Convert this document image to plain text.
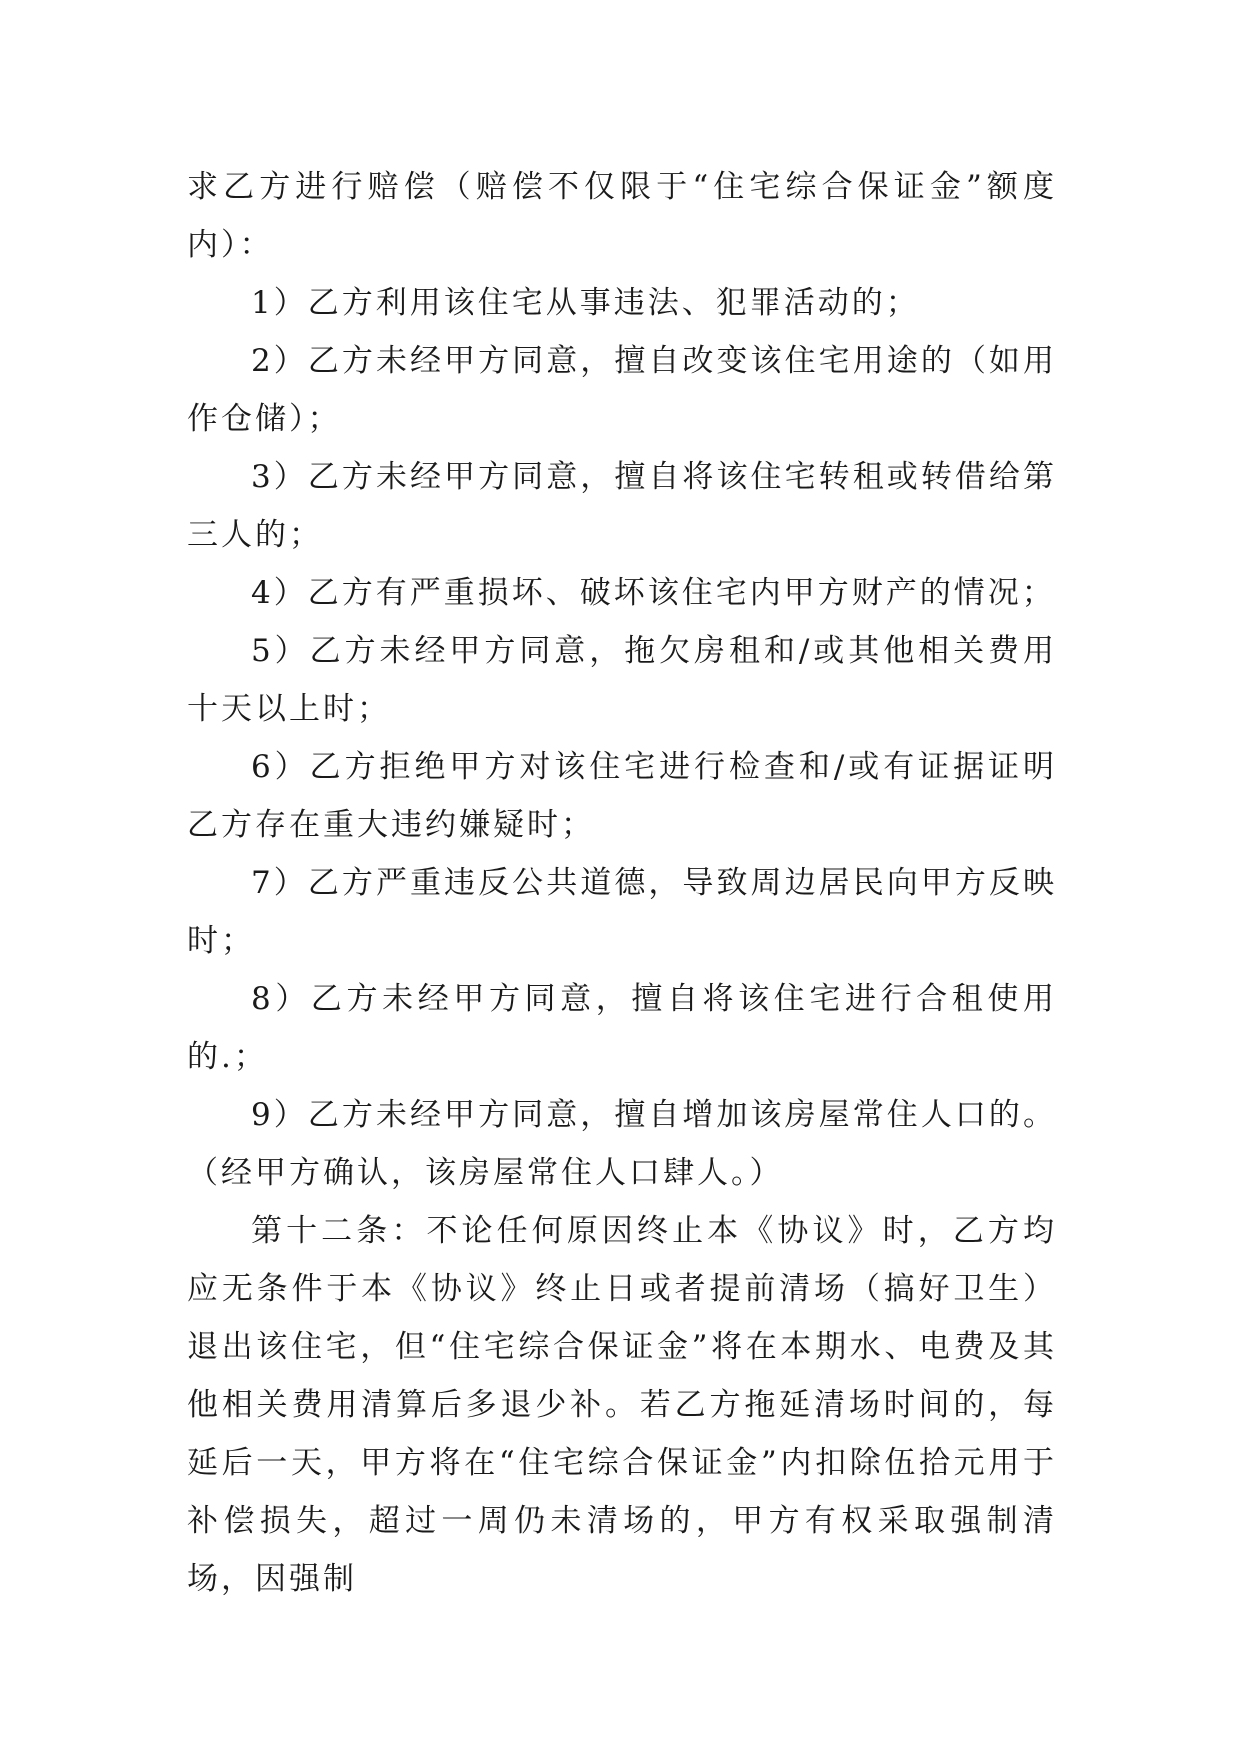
求乙方进行赔偿（赔偿不仅限于“住宅综合保证金”额度内）：

1）乙方利用该住宅从事违法、犯罪活动的；

2）乙方未经甲方同意，擅自改变该住宅用途的（如用作仓储）；

3）乙方未经甲方同意，擅自将该住宅转租或转借给第三人的；

4）乙方有严重损坏、破坏该住宅内甲方财产的情况；

5）乙方未经甲方同意，拖欠房租和/或其他相关费用十天以上时；

6）乙方拒绝甲方对该住宅进行检查和/或有证据证明乙方存在重大违约嫌疑时；

7）乙方严重违反公共道德，导致周边居民向甲方反映时；

8）乙方未经甲方同意，擅自将该住宅进行合租使用的.；

9）乙方未经甲方同意，擅自增加该房屋常住人口的。（经甲方确认，该房屋常住人口肆人。）

第十二条：不论任何原因终止本《协议》时，乙方均应无条件于本《协议》终止日或者提前清场（搞好卫生）退出该住宅，但“住宅综合保证金”将在本期水、电费及其他相关费用清算后多退少补。若乙方拖延清场时间的，每延后一天，甲方将在“住宅综合保证金”内扣除伍拾元用于补偿损失，超过一周仍未清场的，甲方有权采取强制清场，因强制
